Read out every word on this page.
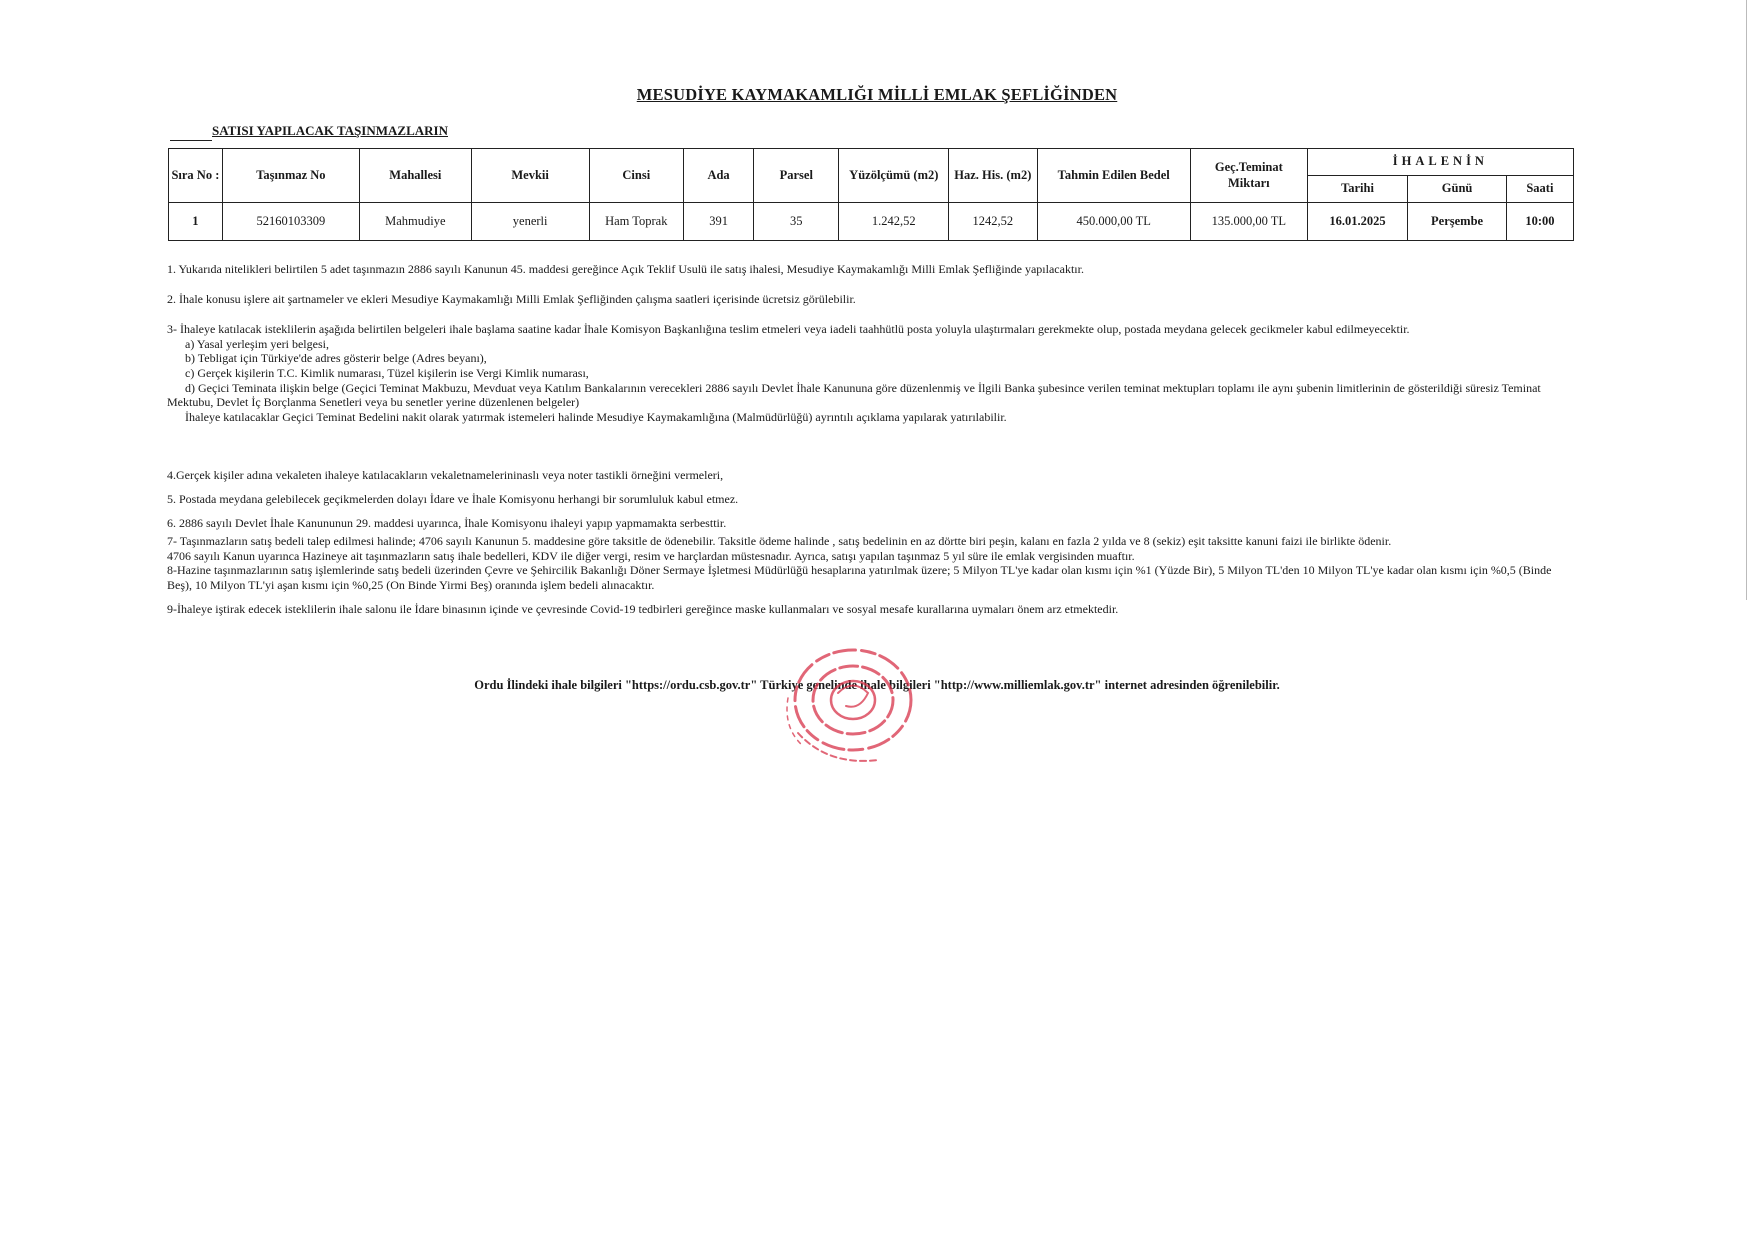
MESUDİYE KAYMAKAMLIĞI MİLLİ EMLAK ŞEFLİĞİNDEN
SATISI YAPILACAK TAŞINMAZLARIN
Sıra No :	Taşınmaz No	Mahallesi	Mevkii	Cinsi	Ada	Parsel	Yüzölçümü (m2)	Haz. His. (m2)	Tahmin Edilen Bedel	Geç.Teminat Miktarı	İHALENİN		
											Tarihi	Günü	Saati
1	52160103309	Mahmudiye	yenerli	Ham Toprak	391	35	1.242,52	1242,52	450.000,00 TL	135.000,00 TL	16.01.2025	Perşembe	10:00

1. Yukarıda nitelikleri belirtilen 5 adet taşınmazın 2886 sayılı Kanunun 45. maddesi gereğince Açık Teklif Usulü ile satış ihalesi, Mesudiye Kaymakamlığı Milli Emlak Şefliğinde yapılacaktır.

2. İhale konusu işlere ait şartnameler ve ekleri Mesudiye Kaymakamlığı Milli Emlak Şefliğinden çalışma saatleri içerisinde ücretsiz görülebilir.

3- İhaleye katılacak isteklilerin aşağıda belirtilen belgeleri ihale başlama saatine kadar İhale Komisyon Başkanlığına teslim etmeleri veya iadeli taahhütlü posta yoluyla ulaştırmaları gerekmekte olup, postada meydana gelecek gecikmeler kabul edilmeyecektir.

a) Yasal yerleşim yeri belgesi,

b) Tebligat için Türkiye'de adres gösterir belge (Adres beyanı),

c) Gerçek kişilerin T.C. Kimlik numarası, Tüzel kişilerin ise Vergi Kimlik numarası,

d) Geçici Teminata ilişkin belge (Geçici Teminat Makbuzu, Mevduat veya Katılım Bankalarının verecekleri 2886 sayılı Devlet İhale Kanununa göre düzenlenmiş ve İlgili Banka şubesince verilen teminat mektupları toplamı ile aynı şubenin limitlerinin de gösterildiği süresiz Teminat Mektubu, Devlet İç Borçlanma Senetleri veya bu senetler yerine düzenlenen belgeler)

İhaleye katılacaklar Geçici Teminat Bedelini nakit olarak yatırmak istemeleri halinde Mesudiye Kaymakamlığına (Malmüdürlüğü) ayrıntılı açıklama yapılarak yatırılabilir.

4.Gerçek kişiler adına vekaleten ihaleye katılacakların vekaletnamelerininaslı veya noter tastikli örneğini vermeleri,

5. Postada meydana gelebilecek geçikmelerden dolayı İdare ve İhale Komisyonu herhangi bir sorumluluk kabul etmez.

6. 2886 sayılı Devlet İhale Kanununun 29. maddesi uyarınca, İhale Komisyonu ihaleyi yapıp yapmamakta serbesttir.

7- Taşınmazların satış bedeli talep edilmesi halinde; 4706 sayılı Kanunun 5. maddesine göre taksitle de ödenebilir. Taksitle ödeme halinde , satış bedelinin en az dörtte biri peşin, kalanı en fazla 2 yılda ve 8 (sekiz) eşit taksitte kanuni faizi ile birlikte ödenir.

4706 sayılı Kanun uyarınca Hazineye ait taşınmazların satış ihale bedelleri, KDV ile diğer vergi, resim ve harçlardan müstesnadır. Ayrıca, satışı yapılan taşınmaz 5 yıl süre ile emlak vergisinden muaftır.

8-Hazine taşınmazlarının satış işlemlerinde satış bedeli üzerinden Çevre ve Şehircilik Bakanlığı Döner Sermaye İşletmesi Müdürlüğü hesaplarına yatırılmak üzere; 5 Milyon TL'ye kadar olan kısmı için %1 (Yüzde Bir), 5 Milyon TL'den 10 Milyon TL'ye kadar olan kısmı için %0,5 (Binde Beş), 10 Milyon TL'yi aşan kısmı için %0,25 (On Binde Yirmi Beş) oranında işlem bedeli alınacaktır.

9-İhaleye iştirak edecek isteklilerin ihale salonu ile İdare binasının içinde ve çevresinde Covid-19 tedbirleri gereğince maske kullanmaları ve sosyal mesafe kurallarına uymaları önem arz etmektedir.

Ordu İlindeki ihale bilgileri "https://ordu.csb.gov.tr" Türkiye genelinde ihale bilgileri "http://www.milliemlak.gov.tr" internet adresinden öğrenilebilir.
